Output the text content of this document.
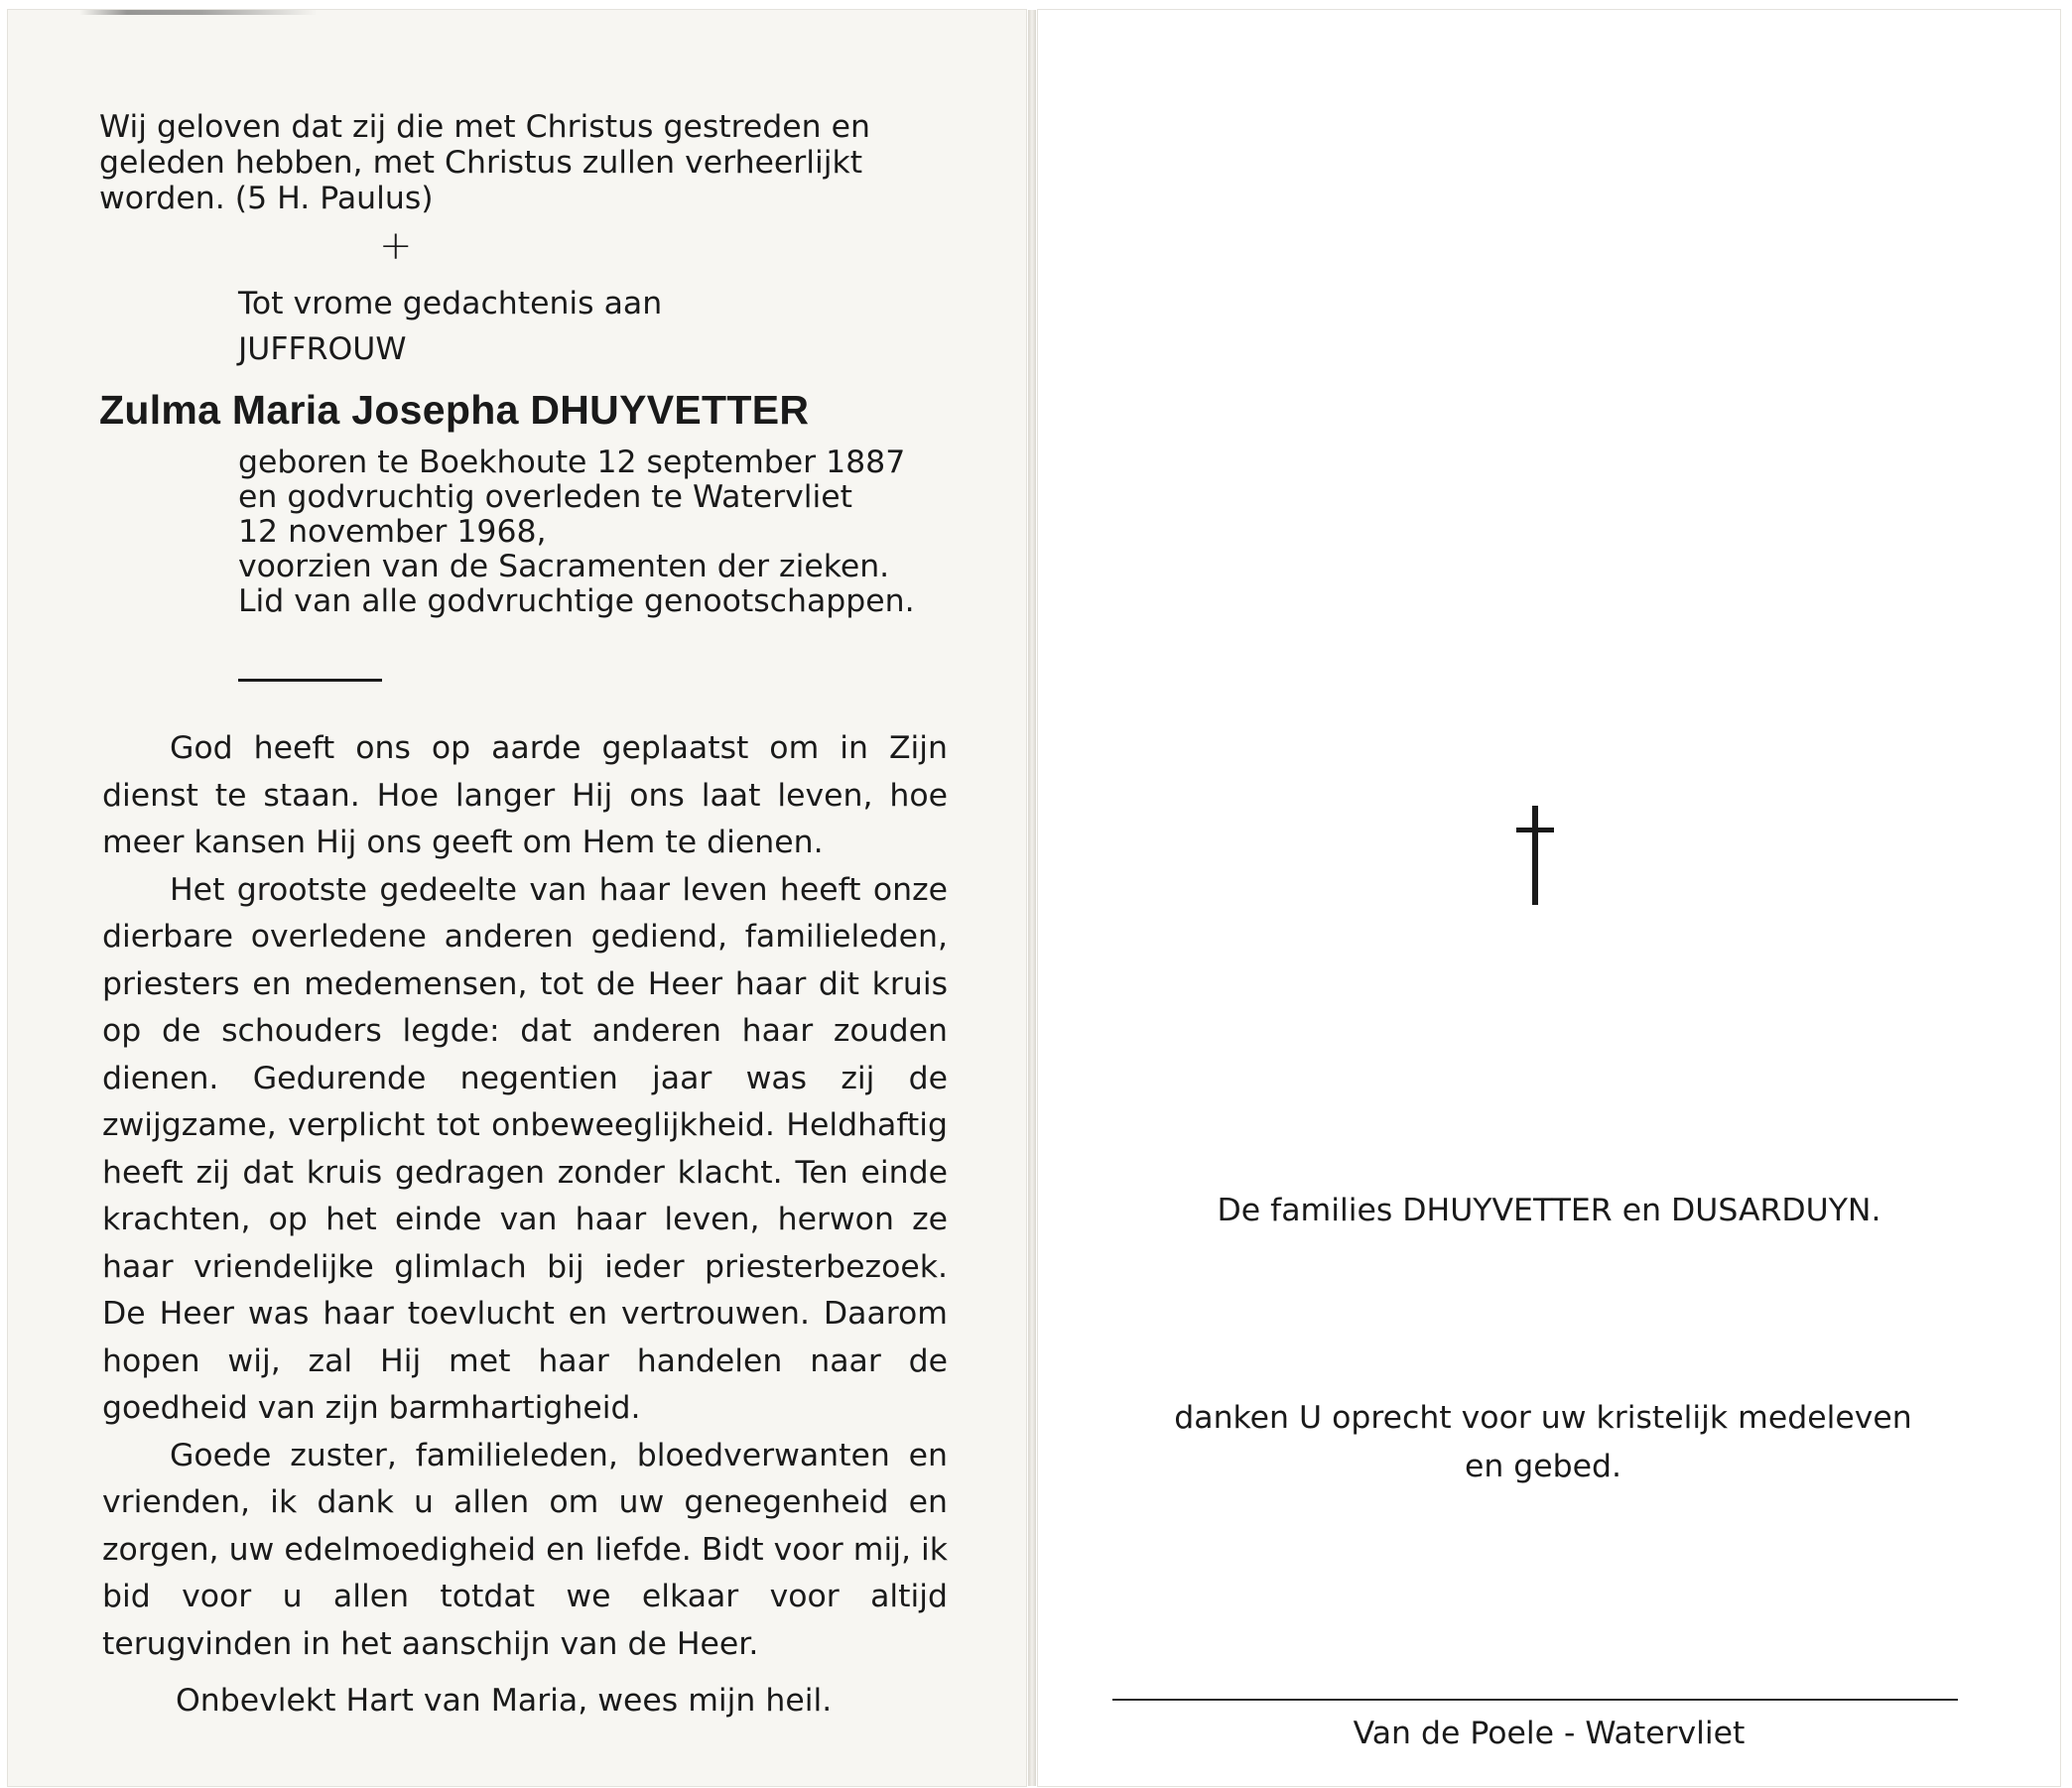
Wij geloven dat zij die met Christus gestreden en

geleden hebben, met Christus zullen verheerlijkt

worden. (5 H. Paulus)

+
Tot vrome gedachtenis aan
JUFFROUW
Zulma Maria Josepha DHUYVETTER

geboren te Boekhoute 12 september 1887

en godvruchtig overleden te Watervliet

12 november 1968,

voorzien van de Sacramenten der zieken.

Lid van alle godvruchtige genootschappen.

God heeft ons op aarde geplaatst om in Zijn dienst te staan. Hoe langer Hij ons laat leven, hoe meer kansen Hij ons geeft om Hem te dienen.

Het grootste gedeelte van haar leven heeft onze dierbare overledene anderen gediend, familieleden, priesters en medemensen, tot de Heer haar dit kruis op de schouders legde: dat anderen haar zouden dienen. Gedurende negentien jaar was zij de zwijgzame, verplicht tot onbeweeglijkheid. Heldhaftig heeft zij dat kruis gedragen zonder klacht. Ten einde krachten, op het einde van haar leven, herwon ze haar vriendelijke glimlach bij ieder priesterbezoek. De Heer was haar toevlucht en vertrouwen. Daarom hopen wij, zal Hij met haar handelen naar de goedheid van zijn barmhartigheid.

Goede zuster, familieleden, bloedverwanten en vrienden, ik dank u allen om uw genegenheid en zorgen, uw edelmoedigheid en liefde. Bidt voor mij, ik bid voor u allen totdat we elkaar voor altijd terugvinden in het aanschijn van de Heer.

Onbevlekt Hart van Maria, wees mijn heil.

De families DHUYVETTER en DUSARDUYN.
danken U oprecht voor uw kristelijk medeleven
en gebed.
Van de Poele - Watervliet
